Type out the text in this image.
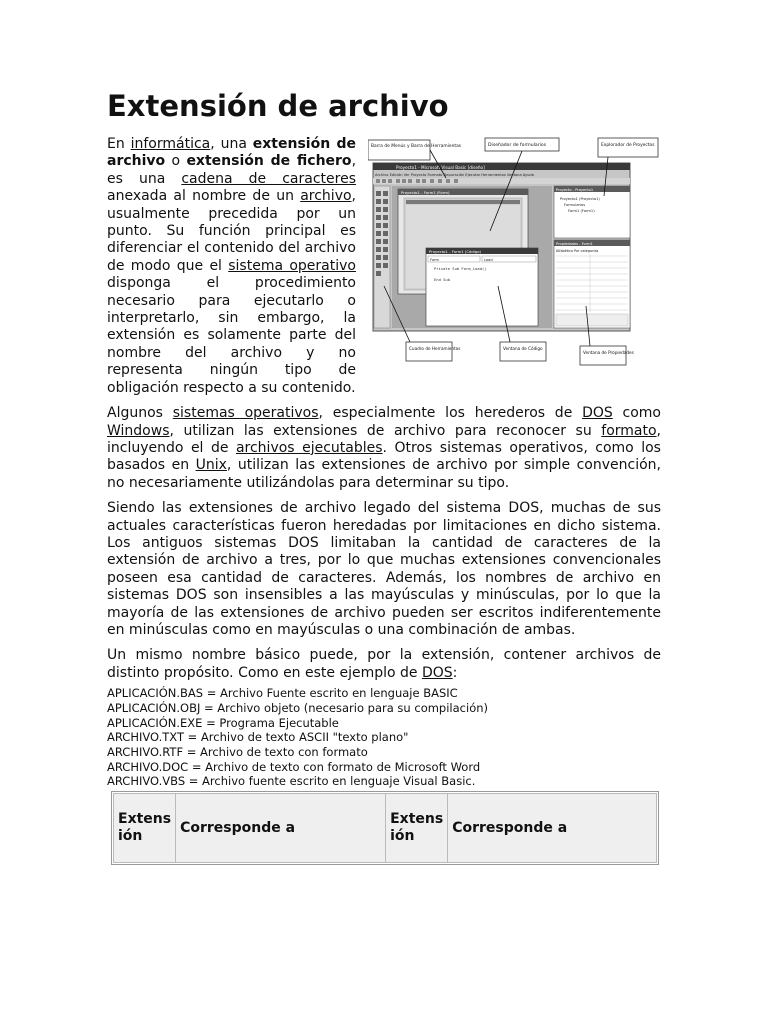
Extensión de archivo
Proyecto1 - Microsoft Visual Basic [diseño]
Archivo Edición Ver Proyecto Formato Depuración Ejecutar Herramientas Ventana Ayuda
Proyecto1 - Form1 (Form)
Proyecto1 - Form1 (Código)
Form	Load
Private Sub Form_Load()
End Sub
Proyecto - Proyecto1
Proyecto1 (Proyecto1)
Formularios
Form1 (Form1)
Propiedades - Form1
Alfabética Por categorías
Barra de Menús y Barra de Herramientas	Diseñador de formularios	Explorador de Proyectos
Cuadro de Herramientas	Ventana de Código
Ventana de Propiedades

En informática, una extensión de archivo o extensión de fichero, es una cadena de caracteres anexada al nombre de un archivo, usualmente precedida por un punto. Su función principal es diferenciar el contenido del archivo de modo que el sistema operativo disponga el procedimiento necesario para ejecutarlo o interpretarlo, sin embargo, la extensión es solamente parte del nombre del archivo y no representa ningún tipo de obligación respecto a su contenido.

Algunos sistemas operativos, especialmente los herederos de DOS como Windows, utilizan las extensiones de archivo para reconocer su formato, incluyendo el de archivos ejecutables. Otros sistemas operativos, como los basados en Unix, utilizan las extensiones de archivo por simple convención, no necesariamente utilizándolas para determinar su tipo.

Siendo las extensiones de archivo legado del sistema DOS, muchas de sus actuales características fueron heredadas por limitaciones en dicho sistema. Los antiguos sistemas DOS limitaban la cantidad de caracteres de la extensión de archivo a tres, por lo que muchas extensiones convencionales poseen esa cantidad de caracteres. Además, los nombres de archivo en sistemas DOS son insensibles a las mayúsculas y minúsculas, por lo que la mayoría de las extensiones de archivo pueden ser escritos indiferentemente en minúsculas como en mayúsculas o una combinación de ambas.

Un mismo nombre básico puede, por la extensión, contener archivos de distinto propósito. Como en este ejemplo de DOS:

APLICACIÓN.BAS = Archivo Fuente escrito en lenguaje BASIC
APLICACIÓN.OBJ = Archivo objeto (necesario para su compilación)
APLICACIÓN.EXE = Programa Ejecutable
ARCHIVO.TXT = Archivo de texto ASCII "texto plano"
ARCHIVO.RTF = Archivo de texto con formato
ARCHIVO.DOC = Archivo de texto con formato de Microsoft Word
ARCHIVO.VBS = Archivo fuente escrito en lenguaje Visual Basic.
Extens ión	Corresponde a	Extens ión	Corresponde a
